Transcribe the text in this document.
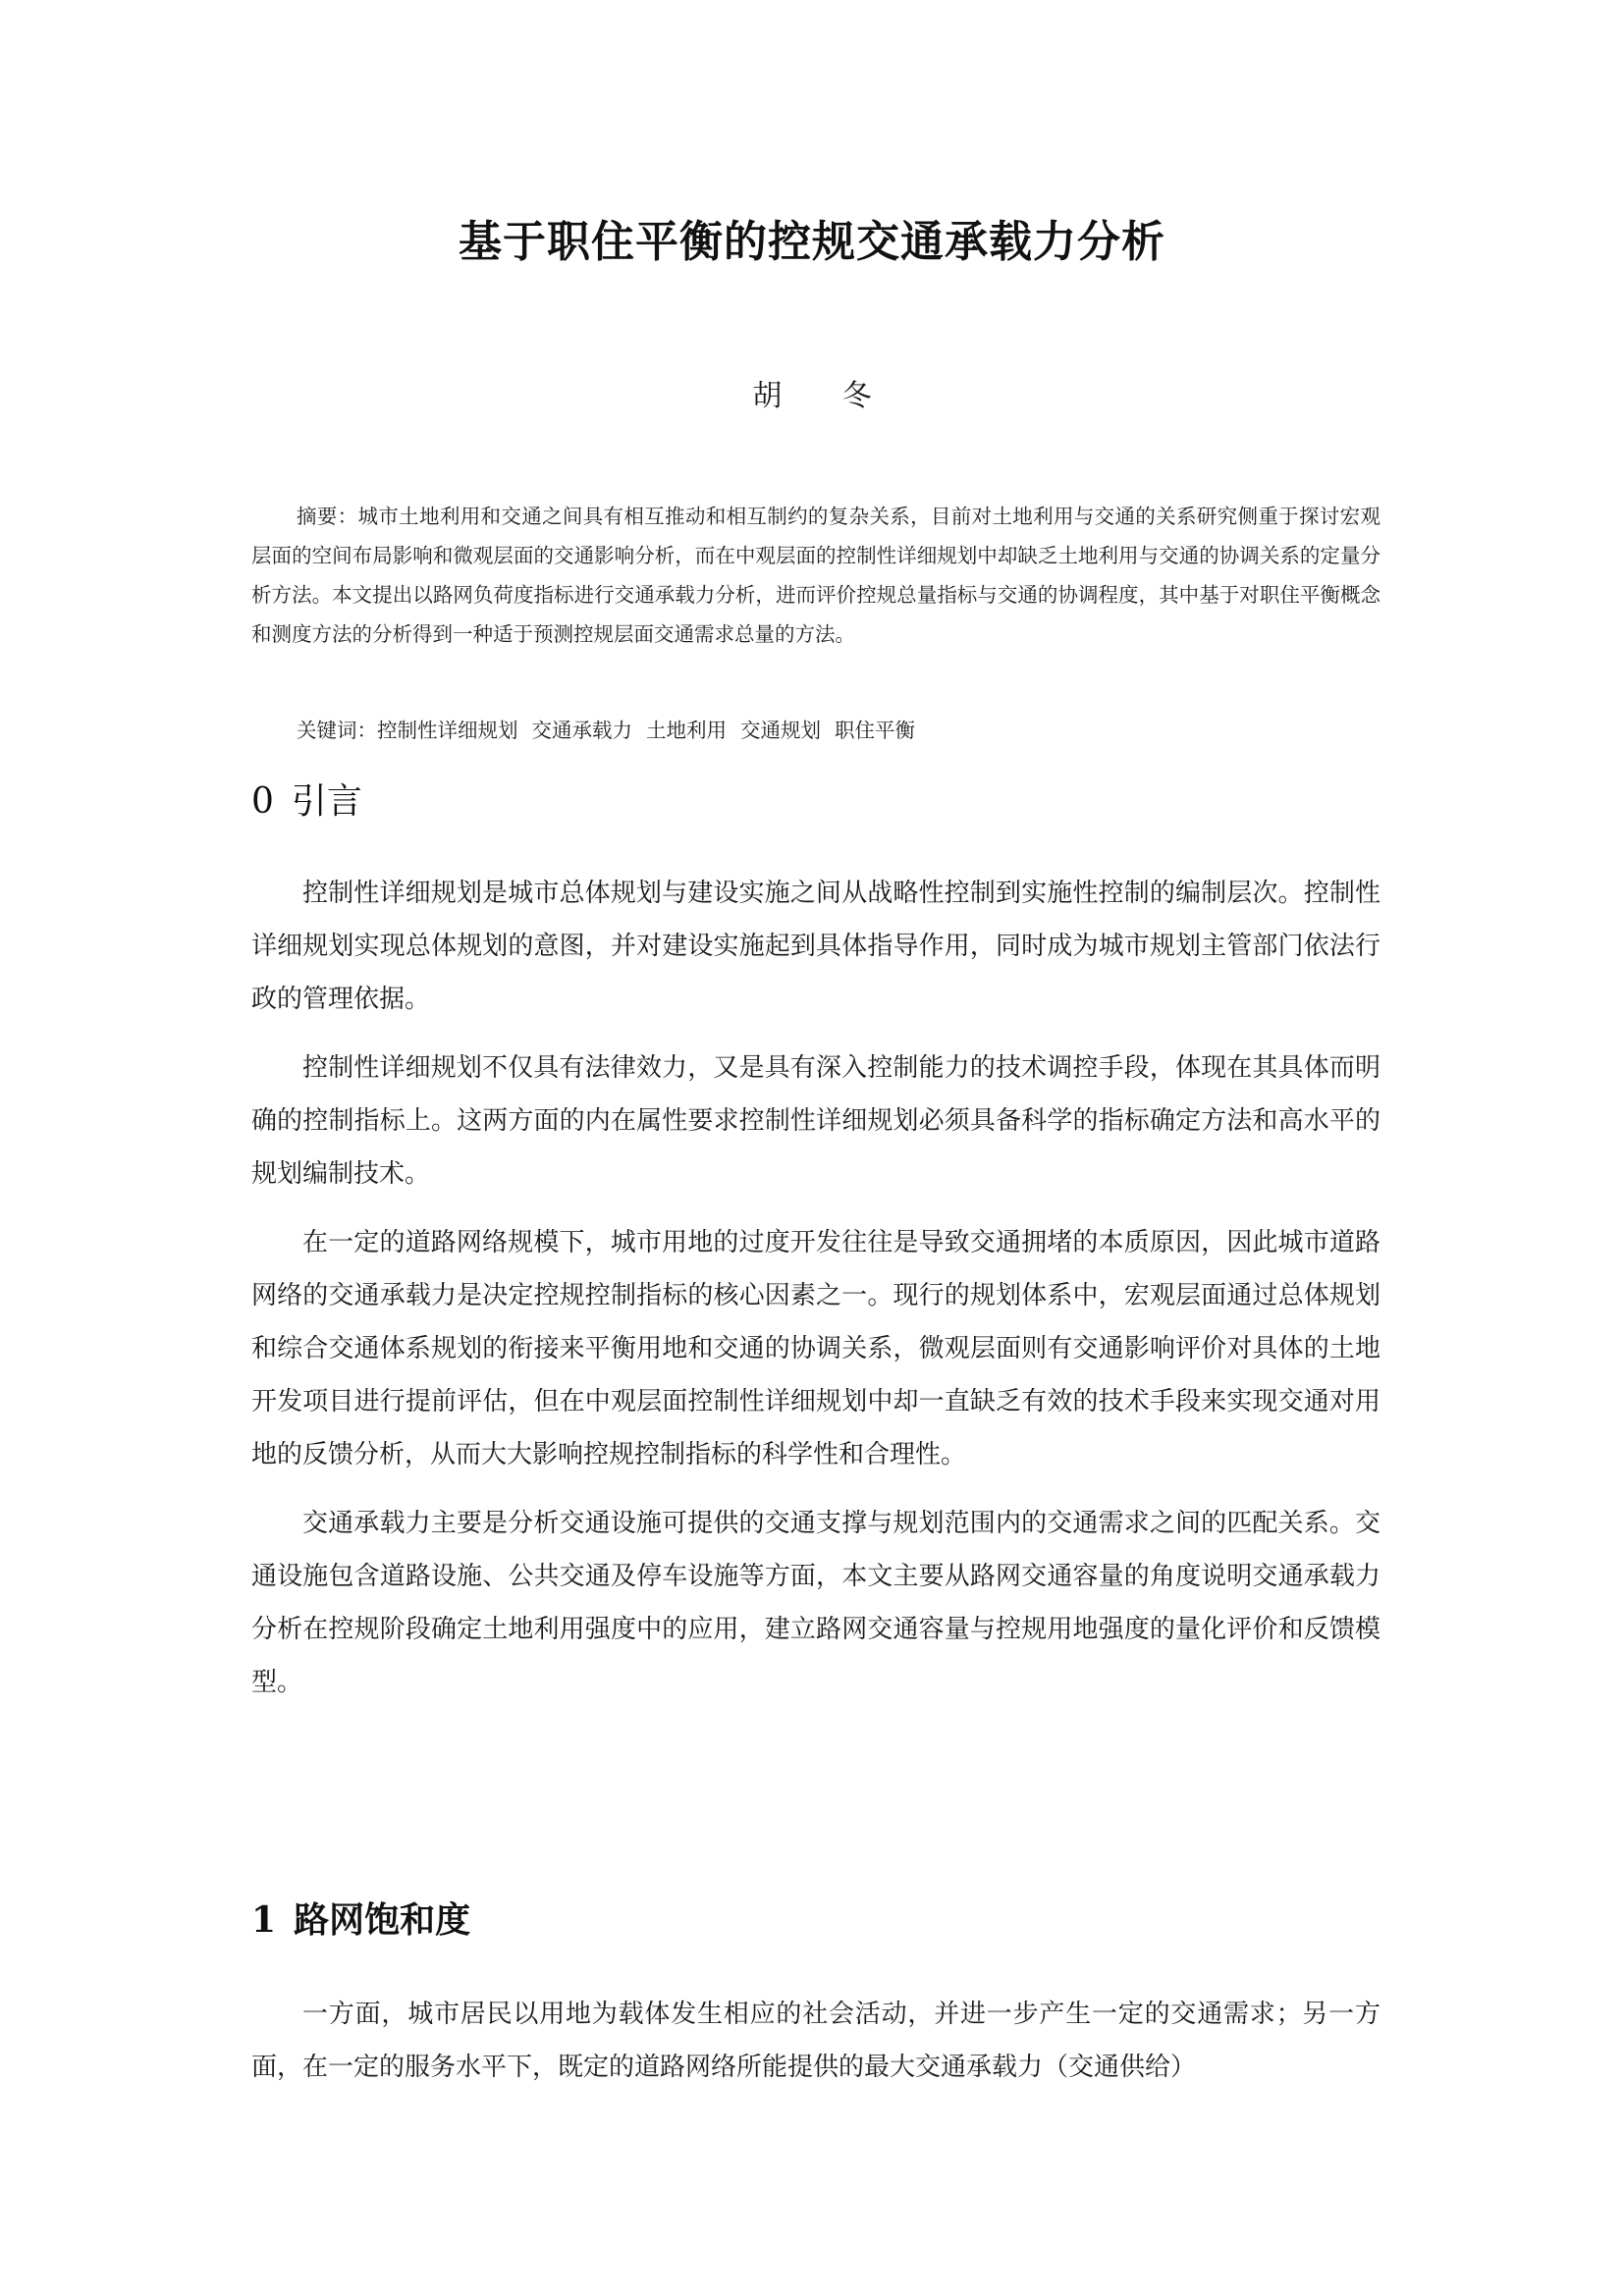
基于职住平衡的控规交通承载力分析
胡 冬

摘要：城市土地利用和交通之间具有相互推动和相互制约的复杂关系，目前对土地利用与交通的关系研究侧重于探讨宏观层面的空间布局影响和微观层面的交通影响分析，而在中观层面的控制性详细规划中却缺乏土地利用与交通的协调关系的定量分析方法。本文提出以路网负荷度指标进行交通承载力分析，进而评价控规总量指标与交通的协调程度，其中基于对职住平衡概念和测度方法的分析得到一种适于预测控规层面交通需求总量的方法。

关键词：控制性详细规划 交通承载力 土地利用 交通规划 职住平衡
0 引言

控制性详细规划是城市总体规划与建设实施之间从战略性控制到实施性控制的编制层次。控制性详细规划实现总体规划的意图，并对建设实施起到具体指导作用，同时成为城市规划主管部门依法行政的管理依据。

控制性详细规划不仅具有法律效力，又是具有深入控制能力的技术调控手段，体现在其具体而明确的控制指标上。这两方面的内在属性要求控制性详细规划必须具备科学的指标确定方法和高水平的规划编制技术。

在一定的道路网络规模下，城市用地的过度开发往往是导致交通拥堵的本质原因，因此城市道路网络的交通承载力是决定控规控制指标的核心因素之一。现行的规划体系中，宏观层面通过总体规划和综合交通体系规划的衔接来平衡用地和交通的协调关系，微观层面则有交通影响评价对具体的土地开发项目进行提前评估，但在中观层面控制性详细规划中却一直缺乏有效的技术手段来实现交通对用地的反馈分析，从而大大影响控规控制指标的科学性和合理性。

交通承载力主要是分析交通设施可提供的交通支撑与规划范围内的交通需求之间的匹配关系。交通设施包含道路设施、公共交通及停车设施等方面，本文主要从路网交通容量的角度说明交通承载力分析在控规阶段确定土地利用强度中的应用，建立路网交通容量与控规用地强度的量化评价和反馈模型。

1 路网饱和度

一方面，城市居民以用地为载体发生相应的社会活动，并进一步产生一定的交通需求；另一方面，在一定的服务水平下，既定的道路网络所能提供的最大交通承载力（交通供给）
